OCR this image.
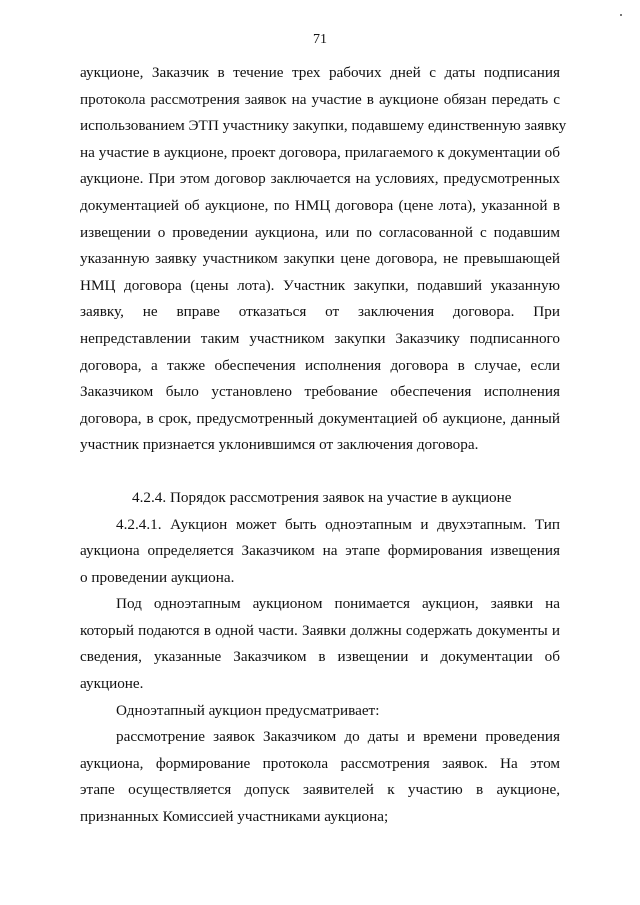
71
аукционе, Заказчик в течение трех рабочих дней с даты подписания
протокола рассмотрения заявок на участие в аукционе обязан передать с
использованием ЭТП участнику закупки, подавшему единственную заявку
на участие в аукционе, проект договора, прилагаемого к документации об
аукционе. При этом договор заключается на условиях, предусмотренных
документацией об аукционе, по НМЦ договора (цене лота), указанной в
извещении о проведении аукциона, или по согласованной с подавшим
указанную заявку участником закупки цене договора, не превышающей
НМЦ договора (цены лота). Участник закупки, подавший указанную
заявку, не вправе отказаться от заключения договора. При
непредставлении таким участником закупки Заказчику подписанного
договора, а также обеспечения исполнения договора в случае, если
Заказчиком было установлено требование обеспечения исполнения
договора, в срок, предусмотренный документацией об аукционе, данный
участник признается уклонившимся от заключения договора.
4.2.4. Порядок рассмотрения заявок на участие в аукционе
4.2.4.1. Аукцион может быть одноэтапным и двухэтапным. Тип
аукциона определяется Заказчиком на этапе формирования извещения
о проведении аукциона.
Под одноэтапным аукционом понимается аукцион, заявки на
который подаются в одной части. Заявки должны содержать документы и
сведения, указанные Заказчиком в извещении и документации об
аукционе.
Одноэтапный аукцион предусматривает:
рассмотрение заявок Заказчиком до даты и времени проведения
аукциона, формирование протокола рассмотрения заявок. На этом
этапе осуществляется допуск заявителей к участию в аукционе,
признанных Комиссией участниками аукциона;
